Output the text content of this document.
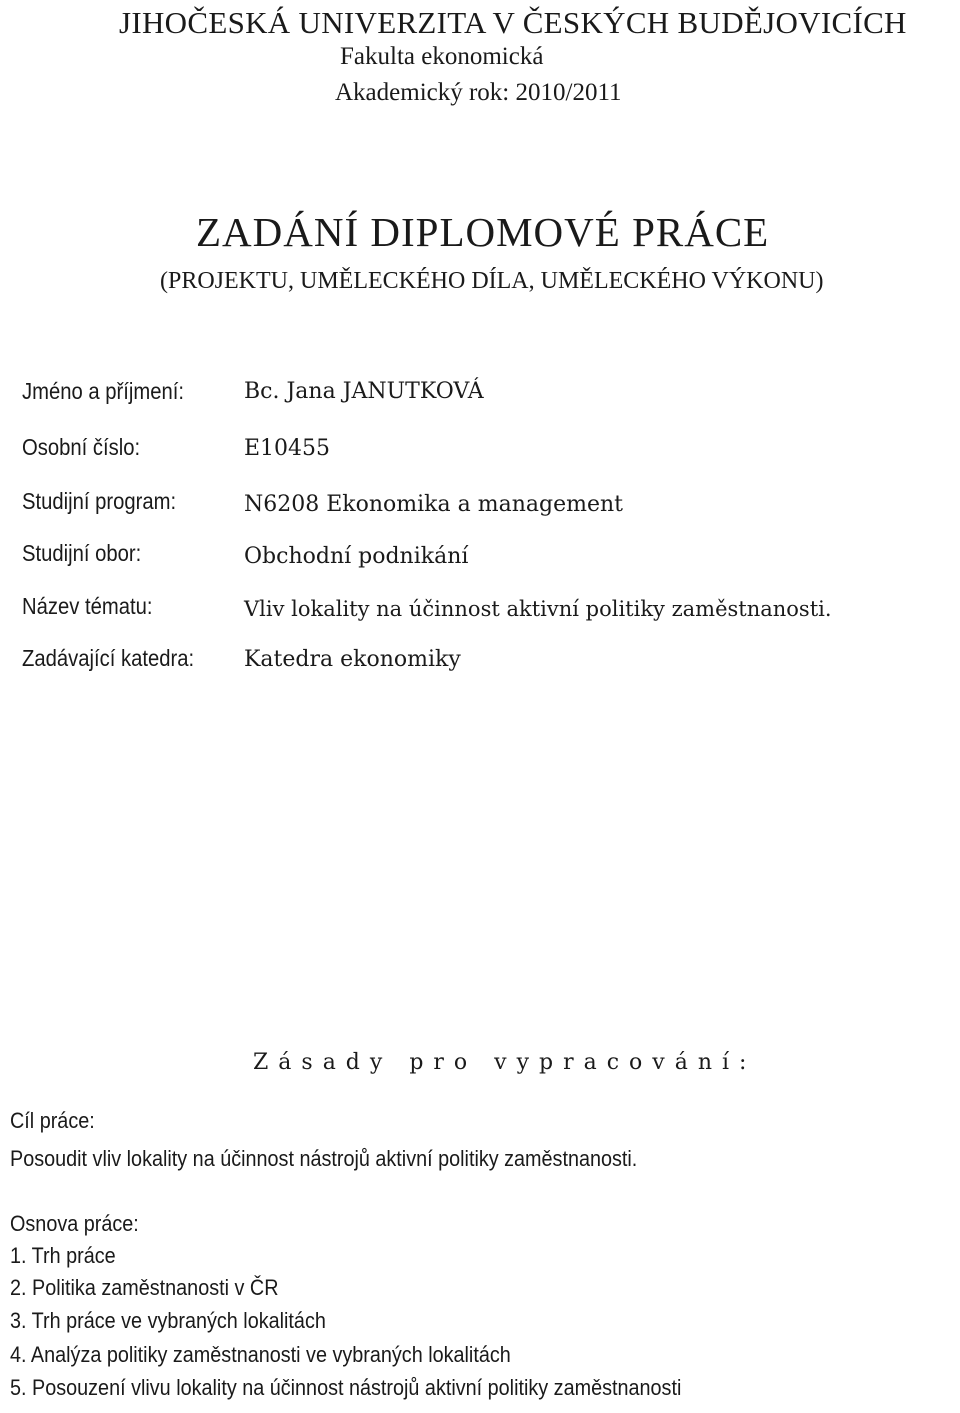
JIHOČESKÁ UNIVERZITA V ČESKÝCH BUDĚJOVICÍCH
Fakulta ekonomická
Akademický rok: 2010/2011
ZADÁNÍ DIPLOMOVÉ PRÁCE
(PROJEKTU, UMĚLECKÉHO DÍLA, UMĚLECKÉHO VÝKONU)
Jméno a příjmení:	Bc. Jana JANUTKOVÁ
Osobní číslo:	E10455
Studijní program:	N6208 Ekonomika a management
Studijní obor:	Obchodní podnikání
Název tématu:	Vliv lokality na účinnost aktivní politiky zaměstnanosti.
Zadávající katedra: Katedra ekonomiky
Zásady pro vypracování:
Cíl práce:
Posoudit vliv lokality na účinnost nástrojů aktivní politiky zaměstnanosti.
Osnova práce:
1. Trh práce
2. Politika zaměstnanosti v ČR
3. Trh práce ve vybraných lokalitách
4. Analýza politiky zaměstnanosti ve vybraných lokalitách
5. Posouzení vlivu lokality na účinnost nástrojů aktivní politiky zaměstnanosti
